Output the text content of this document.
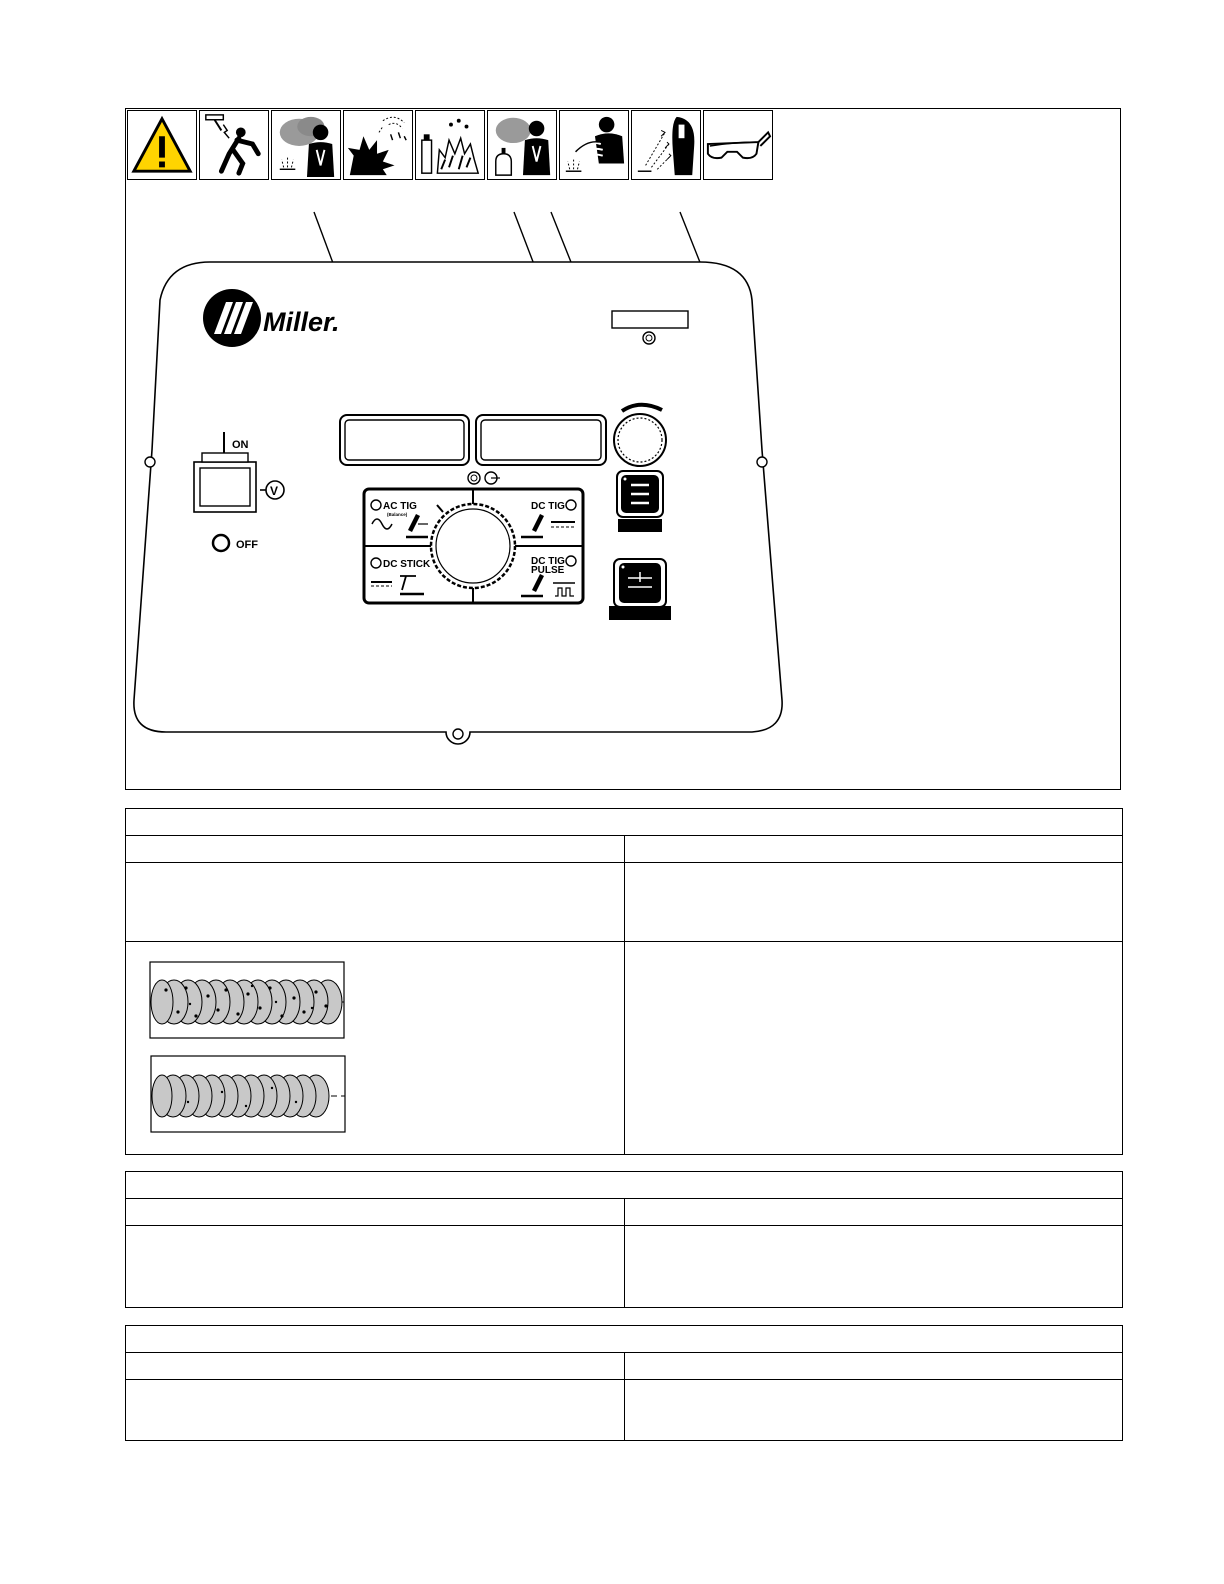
Miller.
ON
V
OFF
AC TIG
(Balance)
DC TIG
DC STICK	DC TIG
PULSE
